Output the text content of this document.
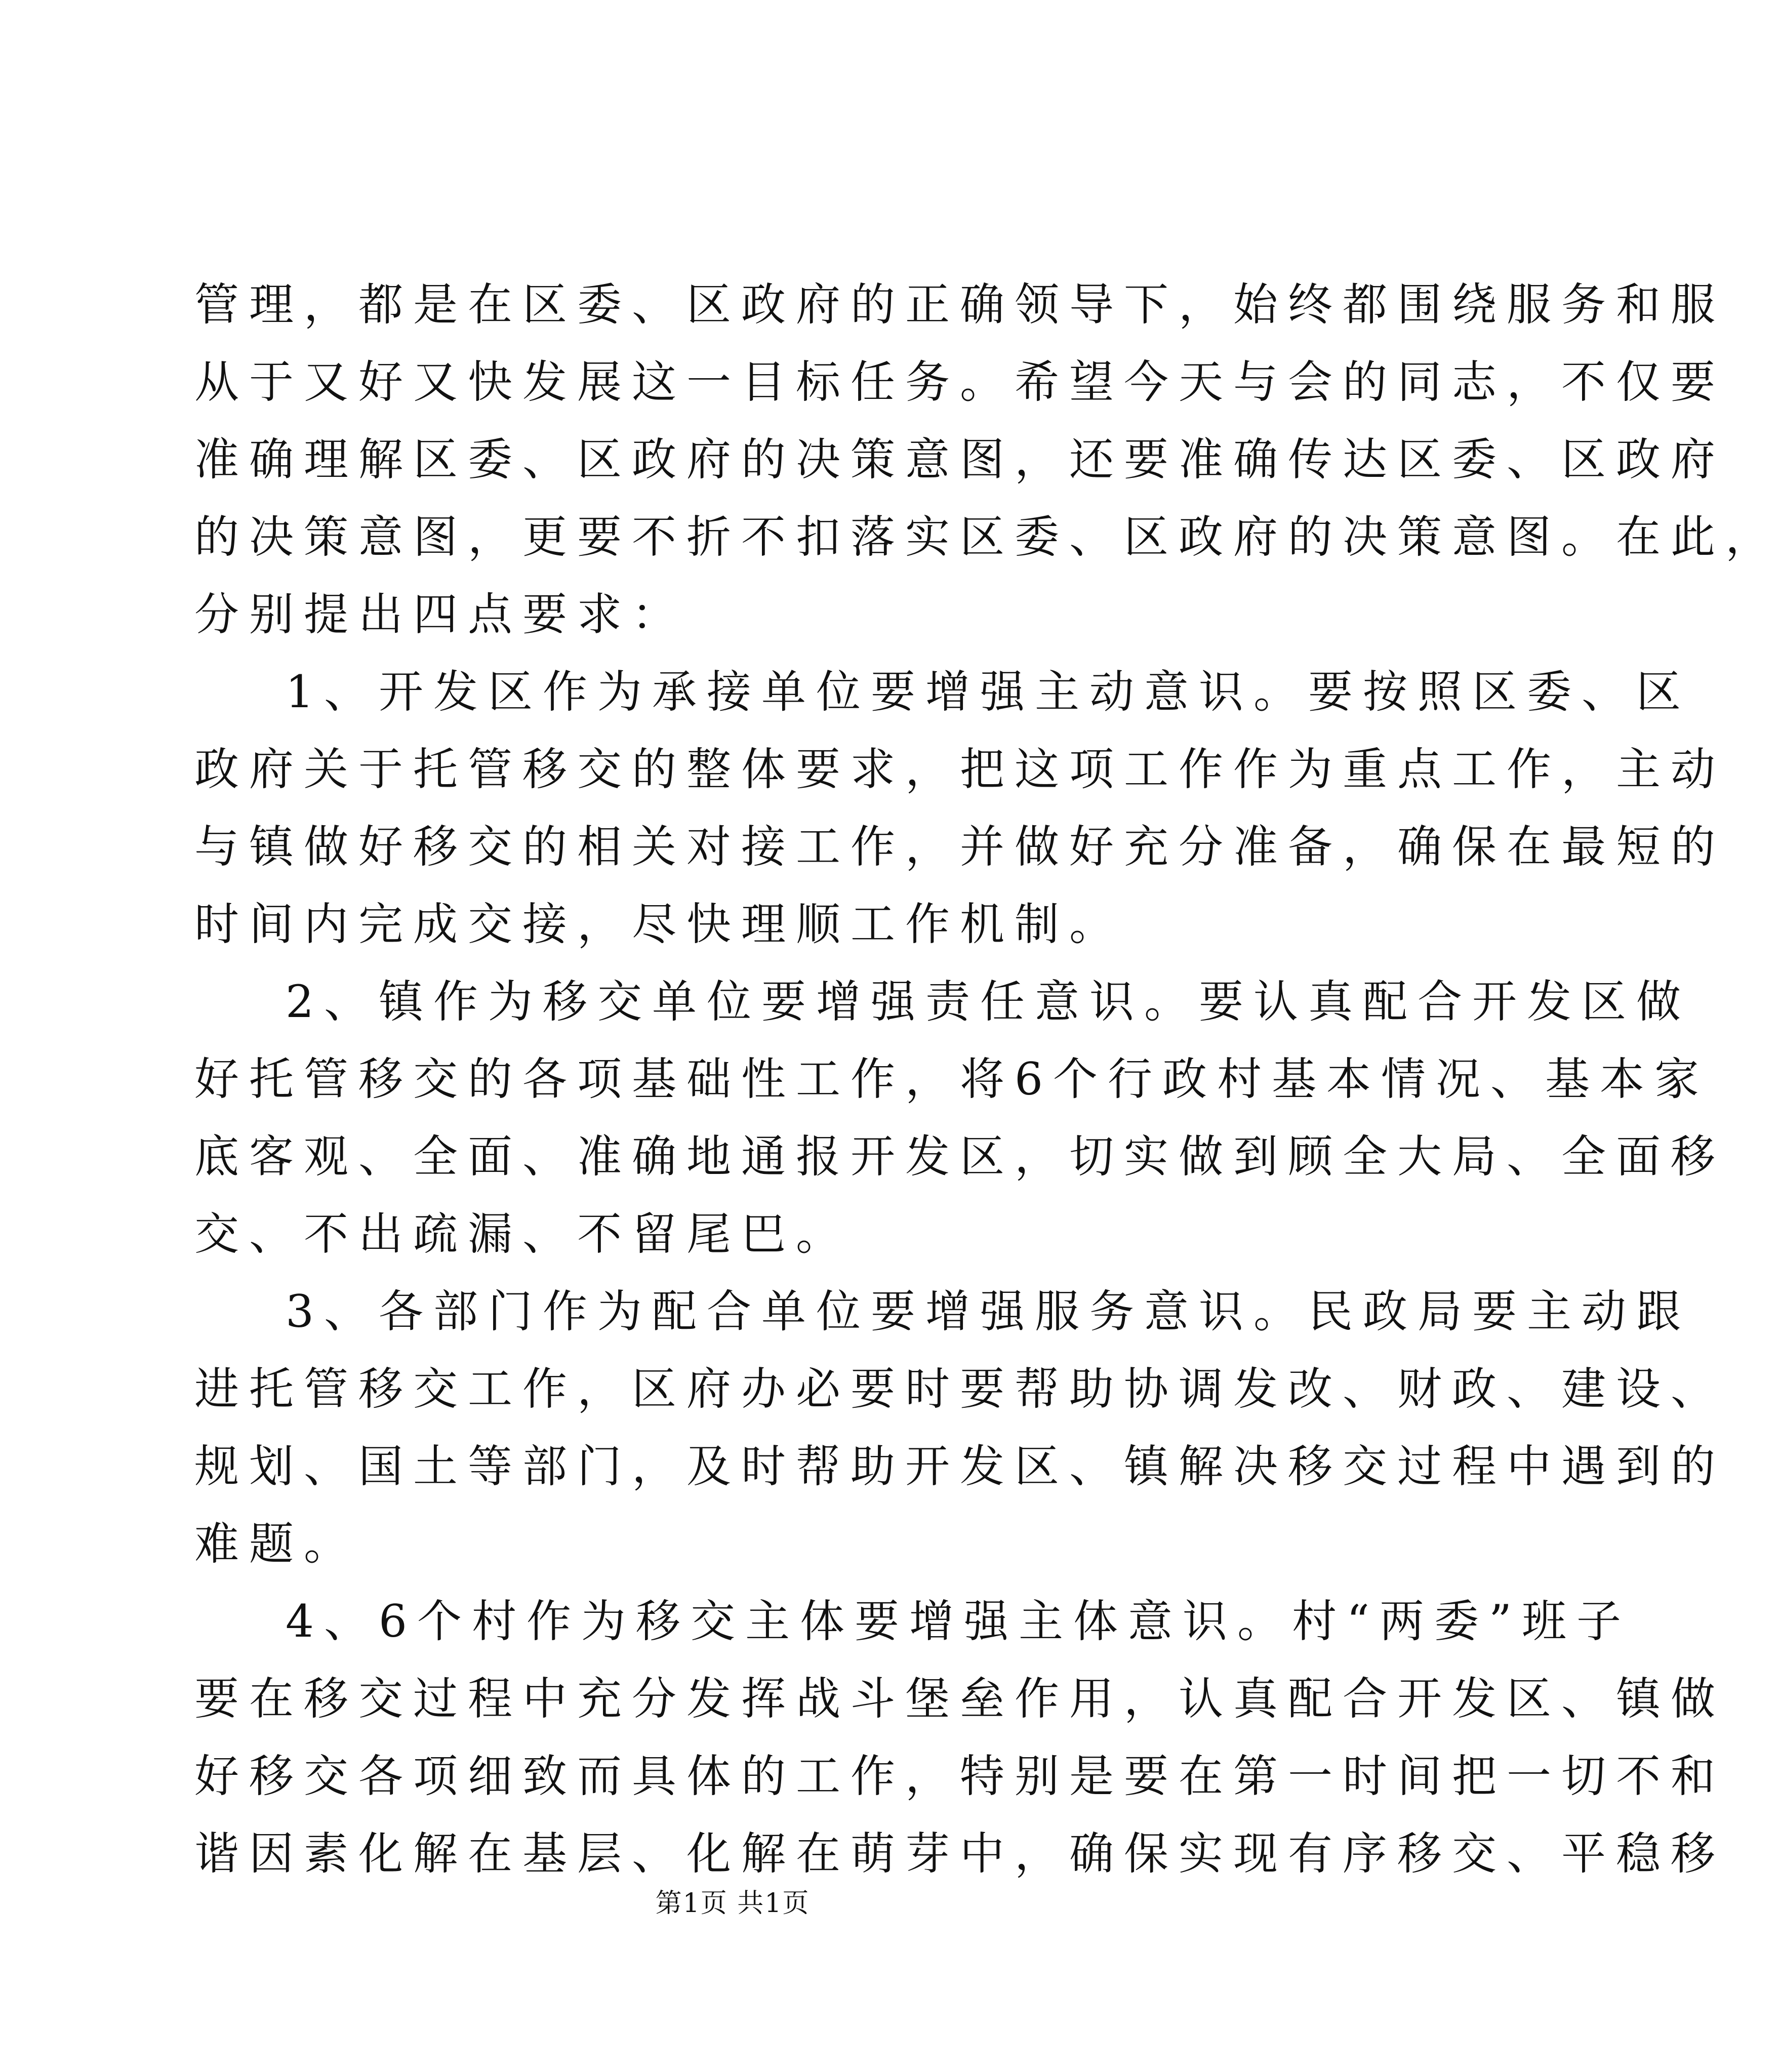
管理，都是在区委、区政府的正确领导下，始终都围绕服务和服
从于又好又快发展这一目标任务。希望今天与会的同志，不仅要
准确理解区委、区政府的决策意图，还要准确传达区委、区政府
的决策意图，更要不折不扣落实区委、区政府的决策意图。在此，
分别提出四点要求：
1、开发区作为承接单位要增强主动意识。要按照区委、区
政府关于托管移交的整体要求，把这项工作作为重点工作，主动
与镇做好移交的相关对接工作，并做好充分准备，确保在最短的
时间内完成交接，尽快理顺工作机制。
2、镇作为移交单位要增强责任意识。要认真配合开发区做
好托管移交的各项基础性工作，将6个行政村基本情况、基本家
底客观、全面、准确地通报开发区，切实做到顾全大局、全面移
交、不出疏漏、不留尾巴。
3、各部门作为配合单位要增强服务意识。民政局要主动跟
进托管移交工作，区府办必要时要帮助协调发改、财政、建设、
规划、国土等部门，及时帮助开发区、镇解决移交过程中遇到的
难题。
4、6个村作为移交主体要增强主体意识。村“两委”班子
要在移交过程中充分发挥战斗堡垒作用，认真配合开发区、镇做
好移交各项细致而具体的工作，特别是要在第一时间把一切不和
谐因素化解在基层、化解在萌芽中，确保实现有序移交、平稳移
第1页 共1页
